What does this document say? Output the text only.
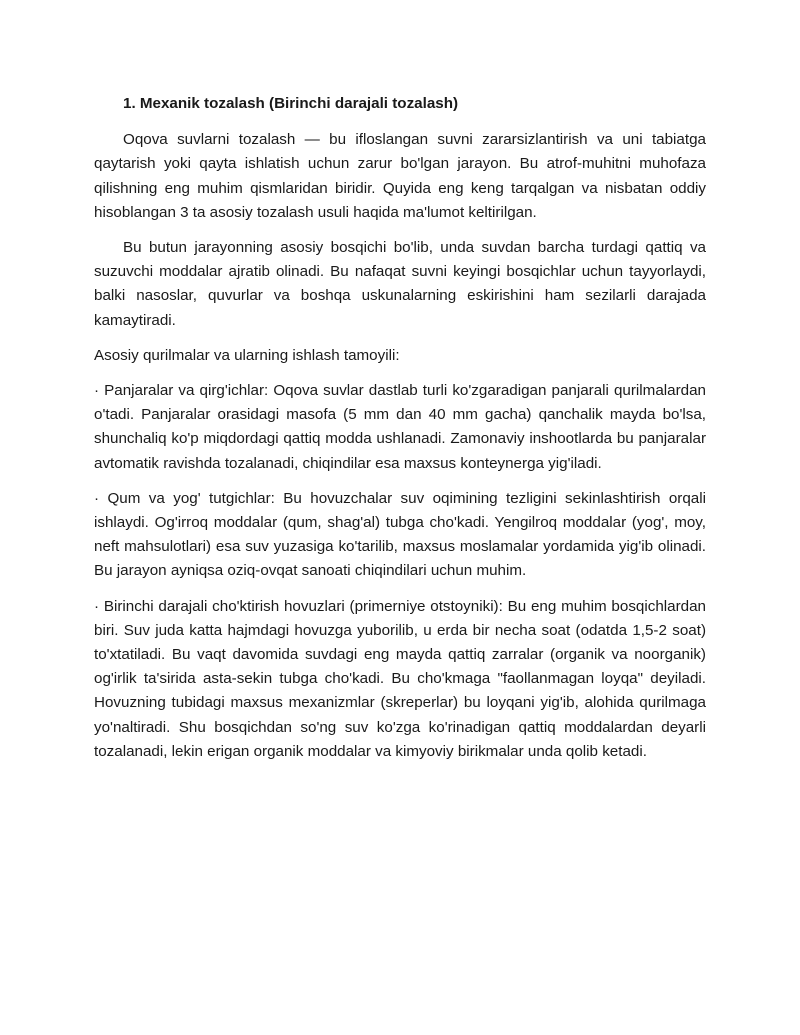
1. Mexanik tozalash (Birinchi darajali tozalash)

Oqova suvlarni tozalash — bu ifloslangan suvni zararsizlantirish va uni tabiatga qaytarish yoki qayta ishlatish uchun zarur bo'lgan jarayon. Bu atrof-muhitni muhofaza qilishning eng muhim qismlaridan biridir. Quyida eng keng tarqalgan va nisbatan oddiy hisoblangan 3 ta asosiy tozalash usuli haqida ma'lumot keltirilgan.

Bu butun jarayonning asosiy bosqichi bo'lib, unda suvdan barcha turdagi qattiq va suzuvchi moddalar ajratib olinadi. Bu nafaqat suvni keyingi bosqichlar uchun tayyorlaydi, balki nasoslar, quvurlar va boshqa uskunalarning eskirishini ham sezilarli darajada kamaytiradi.

Asosiy qurilmalar va ularning ishlash tamoyili:

· Panjaralar va qirg'ichlar: Oqova suvlar dastlab turli ko'zgaradigan panjarali qurilmalardan o'tadi. Panjaralar orasidagi masofa (5 mm dan 40 mm gacha) qanchalik mayda bo'lsa, shunchaliq ko'p miqdordagi qattiq modda ushlanadi. Zamonaviy inshootlarda bu panjaralar avtomatik ravishda tozalanadi, chiqindilar esa maxsus konteynerga yig'iladi.

· Qum va yog' tutgichlar: Bu hovuzchalar suv oqimining tezligini sekinlashtirish orqali ishlaydi. Og'irroq moddalar (qum, shag'al) tubga cho'kadi. Yengilroq moddalar (yog', moy, neft mahsulotlari) esa suv yuzasiga ko'tarilib, maxsus moslamalar yordamida yig'ib olinadi. Bu jarayon ayniqsa oziq-ovqat sanoati chiqindilari uchun muhim.

· Birinchi darajali cho'ktirish hovuzlari (primerniye otstoyniki): Bu eng muhim bosqichlardan biri. Suv juda katta hajmdagi hovuzga yuborilib, u erda bir necha soat (odatda 1,5-2 soat) to'xtatiladi. Bu vaqt davomida suvdagi eng mayda qattiq zarralar (organik va noorganik) og'irlik ta'sirida asta-sekin tubga cho'kadi. Bu cho'kmaga "faollanmagan loyqa" deyiladi. Hovuzning tubidagi maxsus mexanizmlar (skreperlar) bu loyqani yig'ib, alohida qurilmaga yo'naltiradi. Shu bosqichdan so'ng suv ko'zga ko'rinadigan qattiq moddalardan deyarli tozalanadi, lekin erigan organik moddalar va kimyoviy birikmalar unda qolib ketadi.
